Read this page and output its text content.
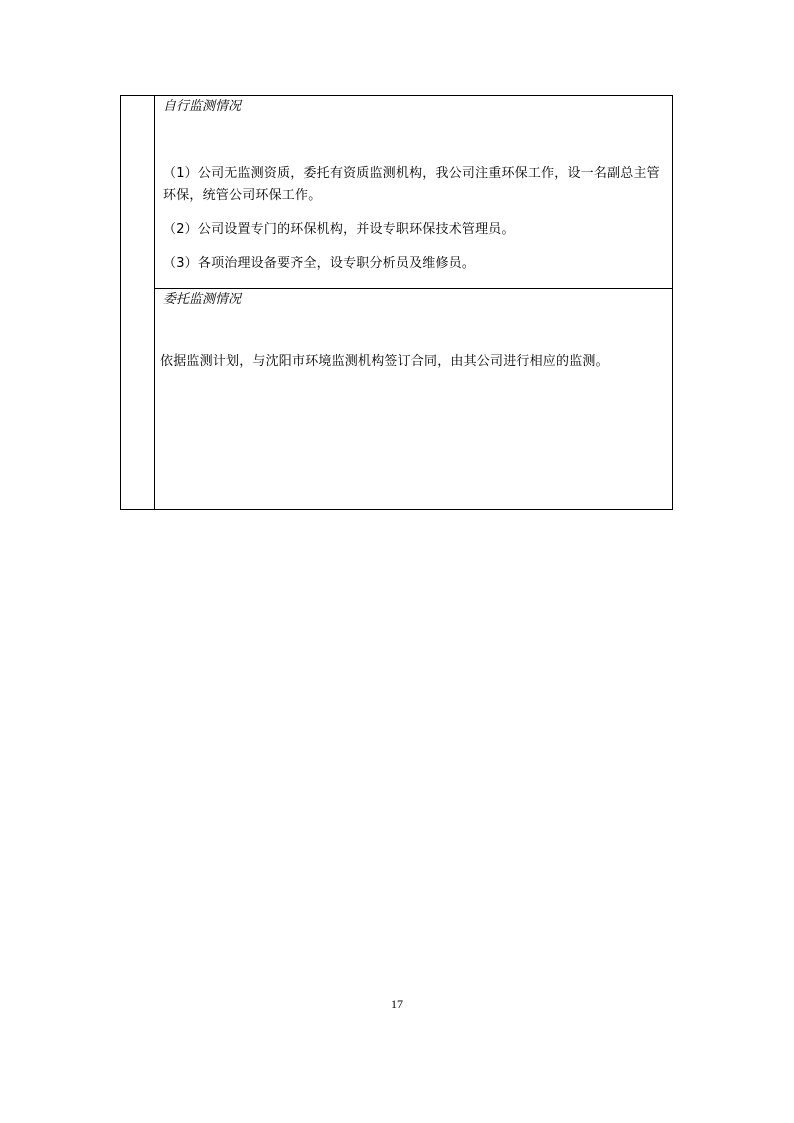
自行监测情况
（1）公司无监测资质，委托有资质监测机构，我公司注重环保工作，设一名副总主管环保，统管公司环保工作。
（2）公司设置专门的环保机构，并设专职环保技术管理员。
（3）各项治理设备要齐全，设专职分析员及维修员。
委托监测情况
依据监测计划，与沈阳市环境监测机构签订合同，由其公司进行相应的监测。
17
